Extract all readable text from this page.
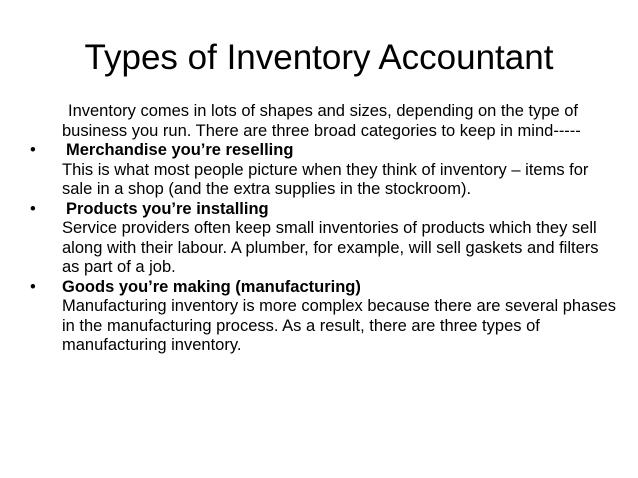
Types of Inventory Accountant

Inventory comes in lots of shapes and sizes, depending on the type of business you run. There are three broad categories to keep in mind-----

•	Merchandise you’re reselling
This is what most people picture when they think of inventory – items for sale in a shop (and the extra supplies in the stockroom).
•	Products you’re installing
Service providers often keep small inventories of products which they sell along with their labour. A plumber, for example, will sell gaskets and filters as part of a job.
•	Goods you’re making (manufacturing)
Manufacturing inventory is more complex because there are several phases in the manufacturing process. As a result, there are three types of manufacturing inventory.
